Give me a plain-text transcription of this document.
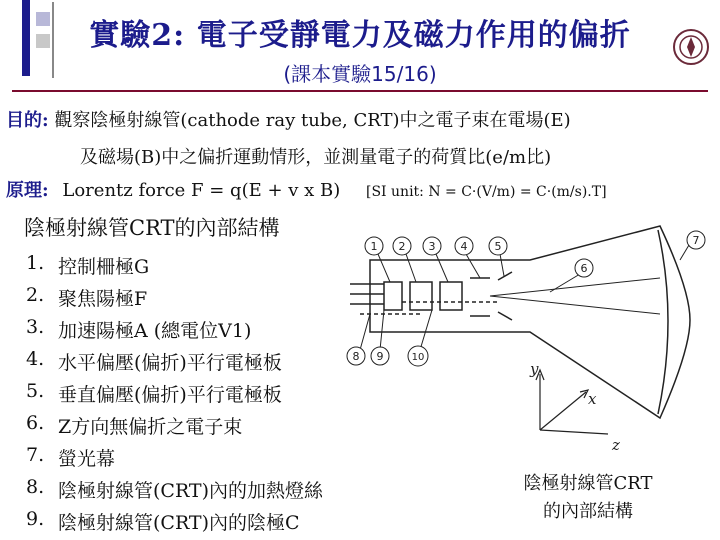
實驗2: 電子受靜電力及磁力作用的偏折
(課本實驗15/16)
目的: 觀察陰極射線管(cathode ray tube, CRT)中之電子束在電場(E)
及磁場(B)中之偏折運動情形，並測量電子的荷質比(e/m比)
原理: Lorentz force F = q(E + v x B) [SI unit: N = C·(V/m) = C·(m/s).T]
陰極射線管CRT的內部結構
1. 控制柵極G
2. 聚焦陽極F
3. 加速陽極A (總電位V1)
4. 水平偏壓(偏折)平行電極板
5. 垂直偏壓(偏折)平行電極板
6. Z方向無偏折之電子束
7. 螢光幕
8. 陰極射線管(CRT)內的加熱燈絲
9. 陰極射線管(CRT)內的陰極C
1 2 3 4 5
6
7
8 9	10
y
x
z
陰極射線管CRT
的內部結構
